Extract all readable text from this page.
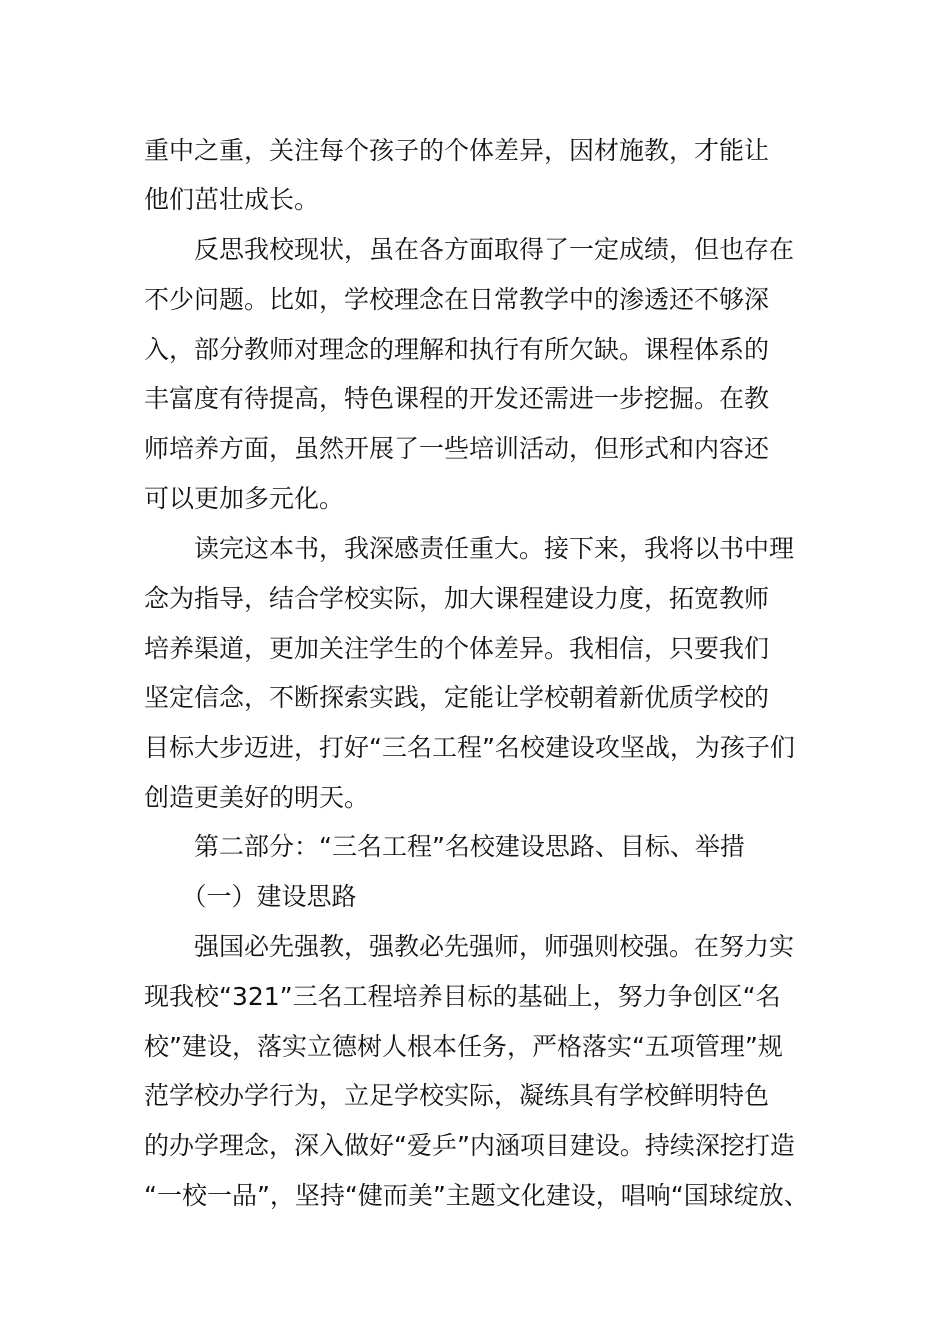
重中之重，关注每个孩子的个体差异，因材施教，才能让
他们茁壮成长。
　　反思我校现状，虽在各方面取得了一定成绩，但也存在
不少问题。比如，学校理念在日常教学中的渗透还不够深
入，部分教师对理念的理解和执行有所欠缺。课程体系的
丰富度有待提高，特色课程的开发还需进一步挖掘。在教
师培养方面，虽然开展了一些培训活动，但形式和内容还
可以更加多元化。
　　读完这本书，我深感责任重大。接下来，我将以书中理
念为指导，结合学校实际，加大课程建设力度，拓宽教师
培养渠道，更加关注学生的个体差异。我相信，只要我们
坚定信念，不断探索实践，定能让学校朝着新优质学校的
目标大步迈进，打好“三名工程”名校建设攻坚战，为孩子们
创造更美好的明天。
　　第二部分：“三名工程”名校建设思路、目标、举措
　　（一）建设思路
　　强国必先强教，强教必先强师，师强则校强。在努力实
现我校“321”三名工程培养目标的基础上，努力争创区“名
校”建设，落实立德树人根本任务，严格落实“五项管理”规
范学校办学行为，立足学校实际，凝练具有学校鲜明特色
的办学理念，深入做好“爱乒”内涵项目建设。持续深挖打造
“一校一品”，坚持“健而美”主题文化建设，唱响“国球绽放、
